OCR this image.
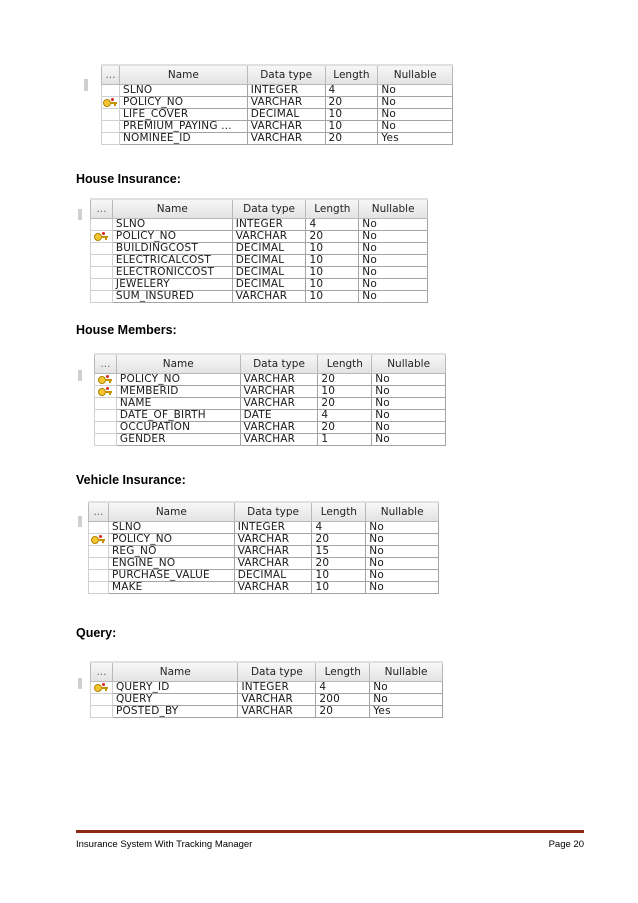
...	Name	Data type	Length	Nullable
	SLNO	INTEGER	4	No

	POLICY_NO	VARCHAR	20	No
	LIFE_COVER	DECIMAL	10	No
	PREMIUM_PAYING ...	VARCHAR	10	No
	NOMINEE_ID	VARCHAR	20	Yes
House Insurance:
...	Name	Data type	Length	Nullable
	SLNO	INTEGER	4	No

	POLICY_NO	VARCHAR	20	No
	BUILDINGCOST	DECIMAL	10	No
	ELECTRICALCOST	DECIMAL	10	No
	ELECTRONICCOST	DECIMAL	10	No
	JEWELERY	DECIMAL	10	No
	SUM_INSURED	VARCHAR	10	No
House Members:
...	Name	Data type	Length	Nullable

	POLICY_NO	VARCHAR	20	No

	MEMBERID	VARCHAR	10	No
	NAME	VARCHAR	20	No
	DATE_OF_BIRTH	DATE	4	No
	OCCUPATION	VARCHAR	20	No
	GENDER	VARCHAR	1	No
Vehicle Insurance:
...	Name	Data type	Length	Nullable
	SLNO	INTEGER	4	No

	POLICY_NO	VARCHAR	20	No
	REG_NO	VARCHAR	15	No
	ENGINE_NO	VARCHAR	20	No
	PURCHASE_VALUE	DECIMAL	10	No
	MAKE	VARCHAR	10	No
Query:
...	Name	Data type	Length	Nullable

	QUERY_ID	INTEGER	4	No
	QUERY	VARCHAR	200	No
	POSTED_BY	VARCHAR	20	Yes
Insurance System With Tracking Manager	Page 20
